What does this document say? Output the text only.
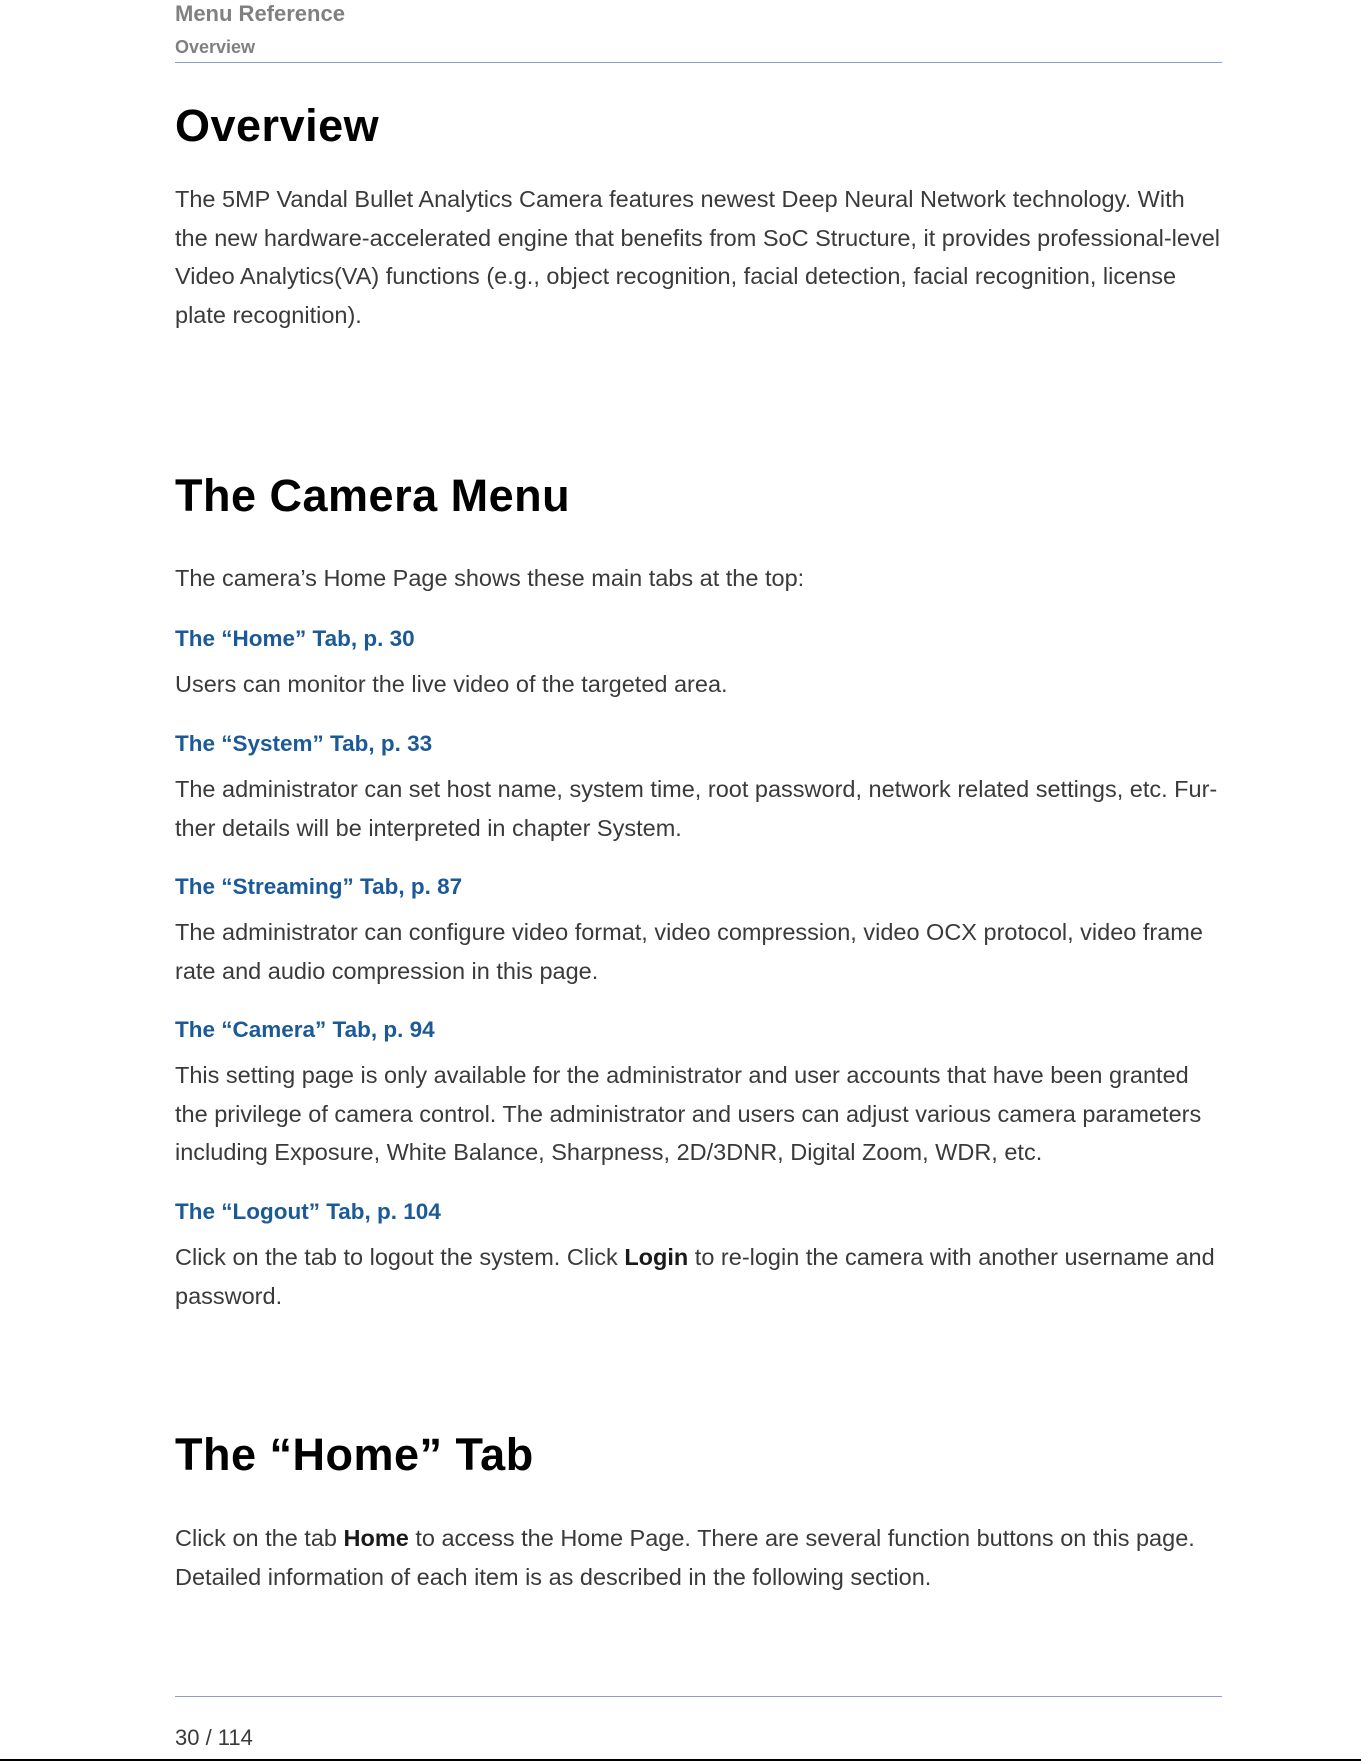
Menu Reference
Overview
Overview

The 5MP Vandal Bullet Analytics Camera features newest Deep Neural Network technology. With the new hardware-accelerated engine that benefits from SoC Structure, it provides professional-level Video Analytics(VA) functions (e.g., object recognition, facial detection, facial recognition, license plate recognition).

The Camera Menu

The camera’s Home Page shows these main tabs at the top:

The “Home” Tab, p. 30

Users can monitor the live video of the targeted area.

The “System” Tab, p. 33

The administrator can set host name, system time, root password, network related settings, etc. Fur-ther details will be interpreted in chapter System.

The “Streaming” Tab, p. 87

The administrator can configure video format, video compression, video OCX protocol, video frame rate and audio compression in this page.

The “Camera” Tab, p. 94

This setting page is only available for the administrator and user accounts that have been granted the privilege of camera control. The administrator and users can adjust various camera parameters including Exposure, White Balance, Sharpness, 2D/3DNR, Digital Zoom, WDR, etc.

The “Logout” Tab, p. 104

Click on the tab to logout the system. Click Login to re-login the camera with another username and password.

The “Home” Tab

Click on the tab Home to access the Home Page. There are several function buttons on this page. Detailed information of each item is as described in the following section.

30 / 114
